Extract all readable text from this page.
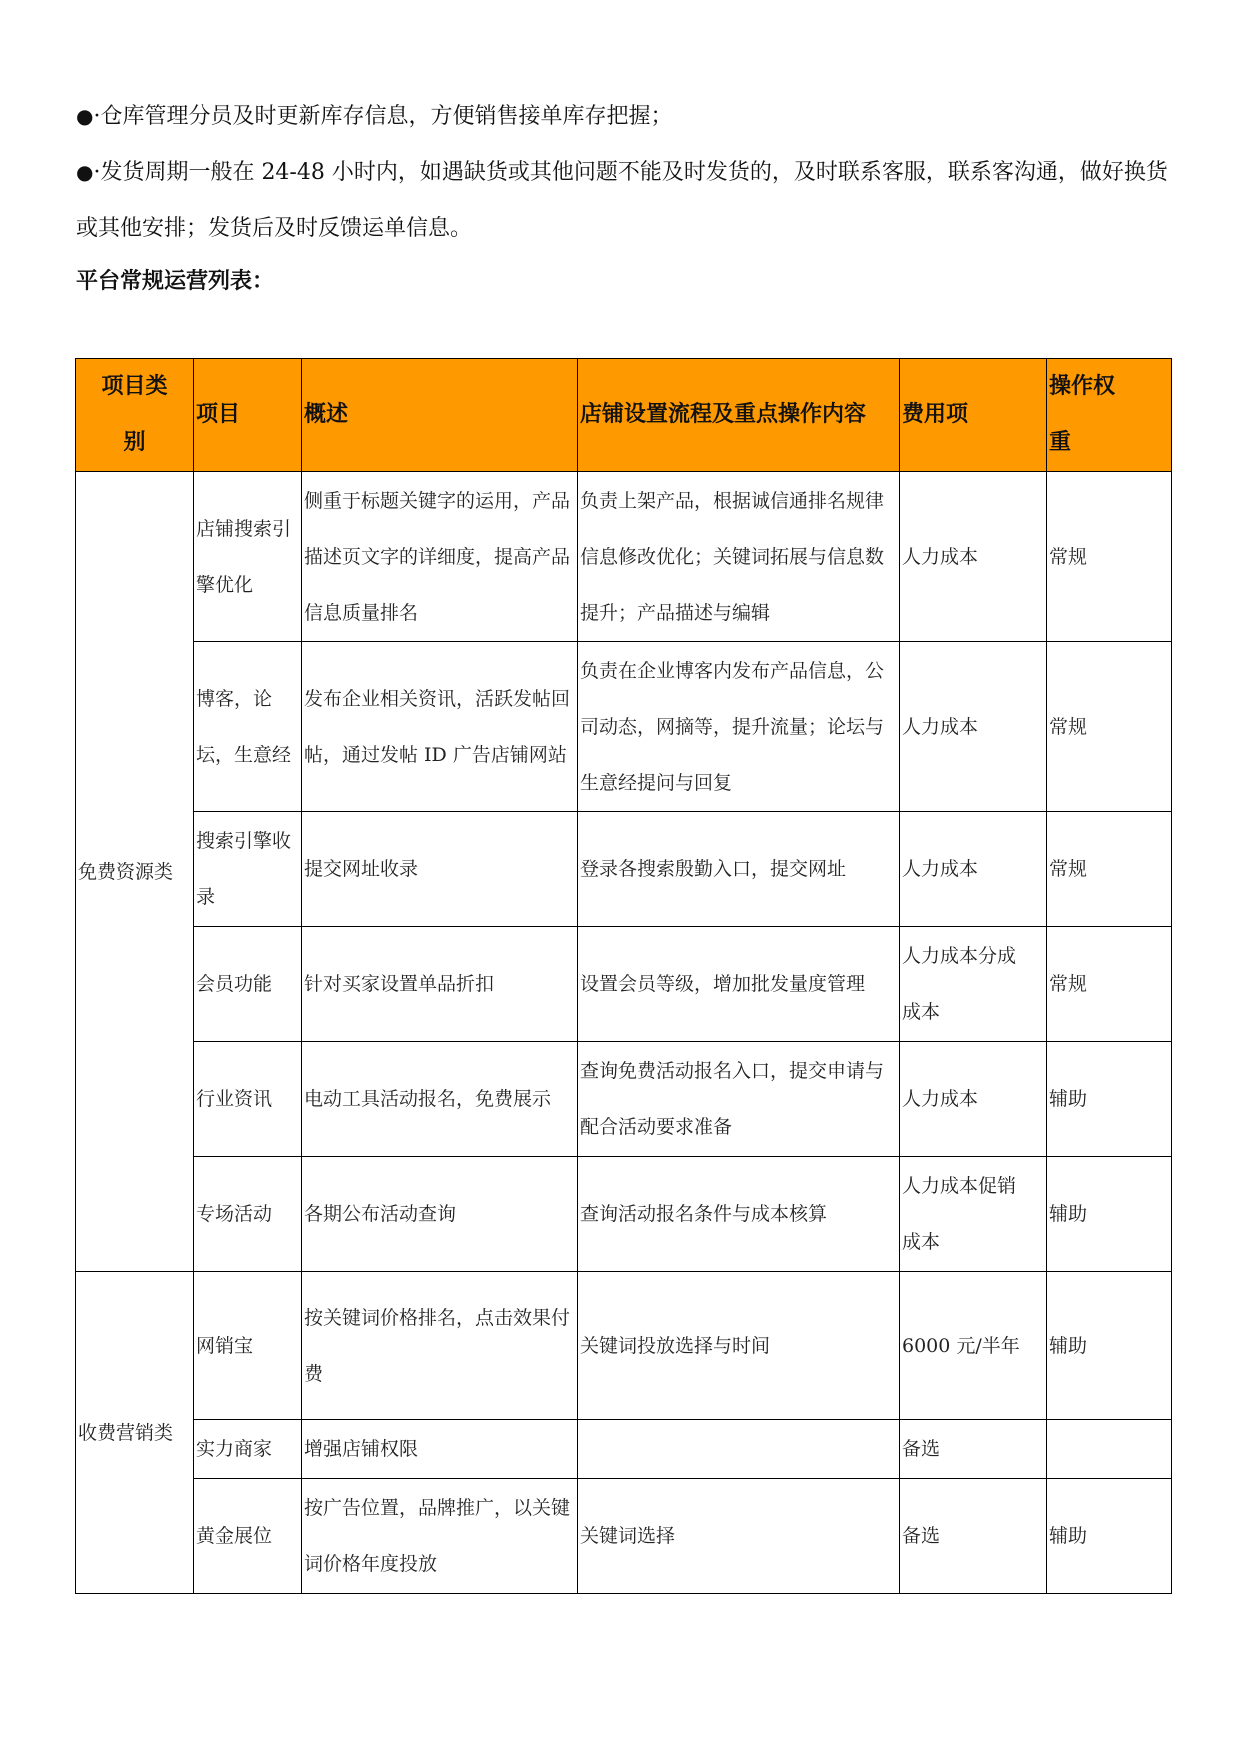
●·仓库管理分员及时更新库存信息，方便销售接单库存把握；

●·发货周期一般在 24-48 小时内，如遇缺货或其他问题不能及时发货的，及时联系客服，联系客沟通，做好换货或其他安排；发货后及时反馈运单信息。

平台常规运营列表：
项目类别	项目	概述	店铺设置流程及重点操作内容	费用项	操作权重
免费资源类	店铺搜索引擎优化	侧重于标题关键字的运用，产品描述页文字的详细度，提高产品信息质量排名	负责上架产品，根据诚信通排名规律信息修改优化；关键词拓展与信息数提升；产品描述与编辑	人力成本	常规
	博客，论坛，生意经	发布企业相关资讯，活跃发帖回帖，通过发帖 ID 广告店铺网站	负责在企业博客内发布产品信息，公司动态，网摘等，提升流量；论坛与生意经提问与回复	人力成本	常规
	搜索引擎收录	提交网址收录	登录各搜索殷勤入口，提交网址	人力成本	常规
	会员功能	针对买家设置单品折扣	设置会员等级，增加批发量度管理	人力成本分成成本	常规
	行业资讯	电动工具活动报名，免费展示	查询免费活动报名入口，提交申请与配合活动要求准备	人力成本	辅助
	专场活动	各期公布活动查询	查询活动报名条件与成本核算	人力成本促销成本	辅助
收费营销类	网销宝	按关键词价格排名，点击效果付费	关键词投放选择与时间	6000 元/半年	辅助
	实力商家	增强店铺权限		备选	
	黄金展位	按广告位置，品牌推广，以关键词价格年度投放	关键词选择	备选	辅助
